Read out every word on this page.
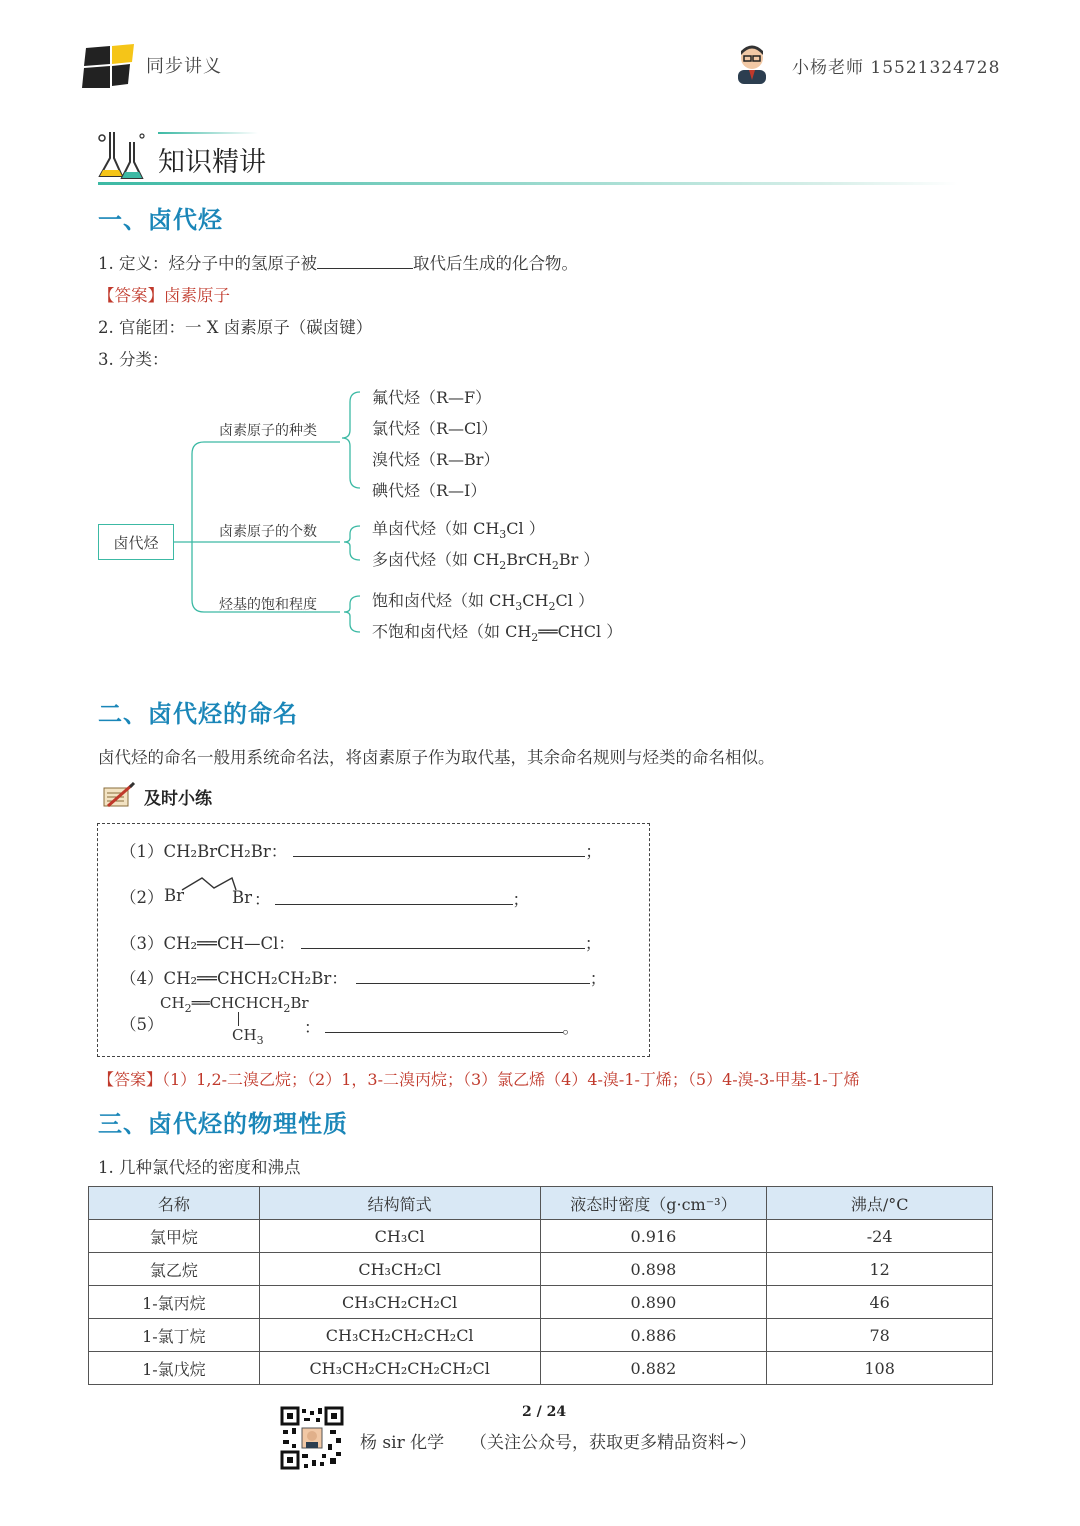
同步讲义	小杨老师 15521324728
知识精讲
一、卤代烃
1. 定义：烃分子中的氢原子被	取代后生成的化合物。
【答案】卤素原子
2. 官能团：一 X 卤素原子（碳卤键）
3. 分类：
卤代烃
卤素原子的种类
卤素原子的个数
烃基的饱和程度
氟代烃（R—F）
氯代烃（R—Cl）
溴代烃（R—Br）
碘代烃（R—I）
单卤代烃（如 $CH_3Cl$ ）
多卤代烃（如 $CH_2BrCH_2Br$ ）
饱和卤代烃（如 $CH_3CH_2Cl$ ）
不饱和卤代烃（如 $CH_2══CHCl$ ）
二、卤代烃的命名
卤代烃的命名一般用系统命名法，将卤素原子作为取代基，其余命名规则与烃类的命名相似。
及时小练
（1）CH₂BrCH₂Br：	；
（2） Br	Br ：	；
（3）CH₂══CH—Cl：	；
（4）CH₂══CHCH₂CH₂Br：	；
（5）
$CH_2══CHCHCH_2Br$
$CH_3$
：	。
【答案】（1）1,2-二溴乙烷；（2）1，3-二溴丙烷；（3）氯乙烯（4）4-溴-1-丁烯；（5）4-溴-3-甲基-1-丁烯
三、卤代烃的物理性质
1. 几种氯代烃的密度和沸点
名称	结构简式	液态时密度（g·cm⁻³）	沸点/°C
氯甲烷	CH₃Cl	0.916	-24
氯乙烷	CH₃CH₂Cl	0.898	12
1-氯丙烷	CH₃CH₂CH₂Cl	0.890	46
1-氯丁烷	CH₃CH₂CH₂CH₂Cl	0.886	78
1-氯戊烷	CH₃CH₂CH₂CH₂CH₂Cl	0.882	108
2 / 24
杨 sir 化学 （关注公众号，获取更多精品资料~）
